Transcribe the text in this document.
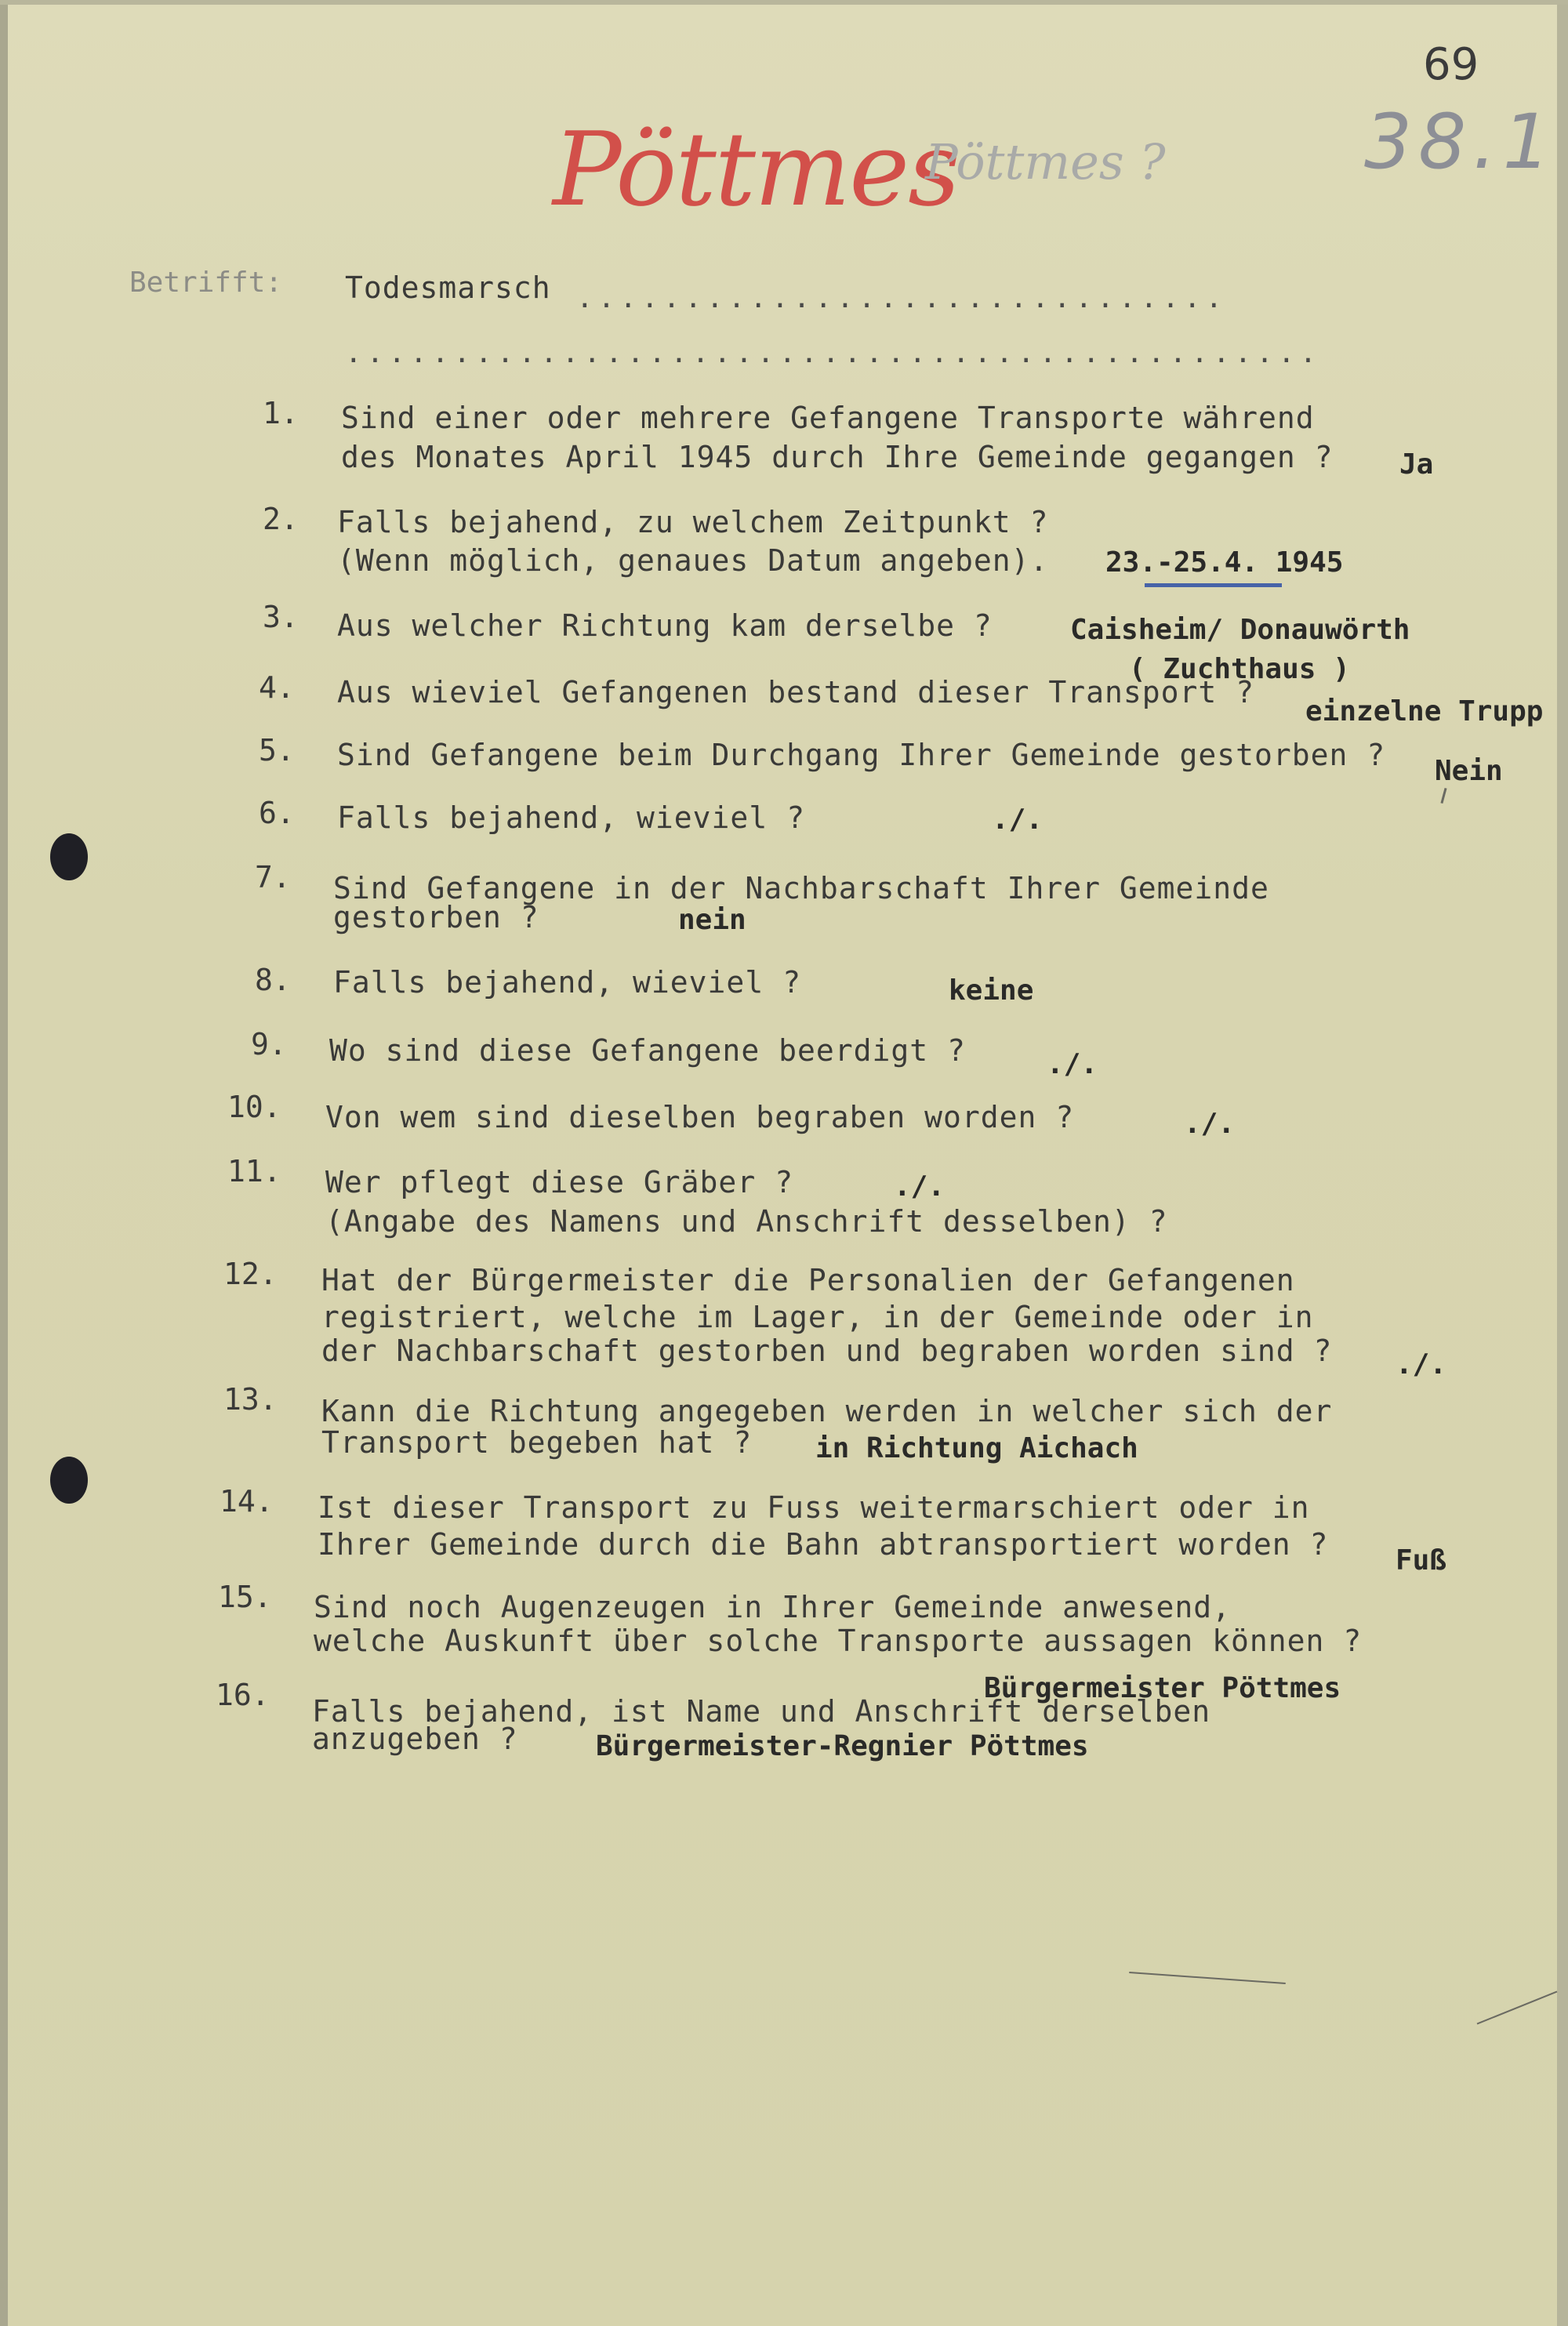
69
38.1
Pöttmes
Pöttmes ?
Betrifft: Todesmarsch ..............................
.............................................
1. Sind einer oder mehrere Gefangene Transporte während
des Monates April 1945 durch Ihre Gemeinde gegangen ? Ja
2. Falls bejahend, zu welchem Zeitpunkt ?
(Wenn möglich, genaues Datum angeben). 23.-25.4. 1945
3. Aus welcher Richtung kam derselbe ?	Caisheim/ Donauwörth
( Zuchthaus )
4. Aus wieviel Gefangenen bestand dieser Transport ?
einzelne Trupp
5. Sind Gefangene beim Durchgang Ihrer Gemeinde gestorben ? Nein
6. Falls bejahend, wieviel ?	./.
7. Sind Gefangene in der Nachbarschaft Ihrer Gemeinde
gestorben ?	nein
8. Falls bejahend, wieviel ?	keine
9. Wo sind diese Gefangene beerdigt ?	./.
10. Von wem sind dieselben begraben worden ?	./.
11. Wer pflegt diese Gräber ?
(Angabe des Namens und Anschrift desselben) ?
./.
12. Hat der Bürgermeister die Personalien der Gefangenen
registriert, welche im Lager, in der Gemeinde oder in
der Nachbarschaft gestorben und begraben worden sind ? ./.
13. Kann die Richtung angegeben werden in welcher sich der
Transport begeben hat ? in Richtung Aichach
14. Ist dieser Transport zu Fuss weitermarschiert oder in
Ihrer Gemeinde durch die Bahn abtransportiert worden ? Fuß
15. Sind noch Augenzeugen in Ihrer Gemeinde anwesend,
welche Auskunft über solche Transporte aussagen können ?
Bürgermeister Pöttmes
16. Falls bejahend, ist Name und Anschrift derselben
anzugeben ?	Bürgermeister-Regnier Pöttmes
